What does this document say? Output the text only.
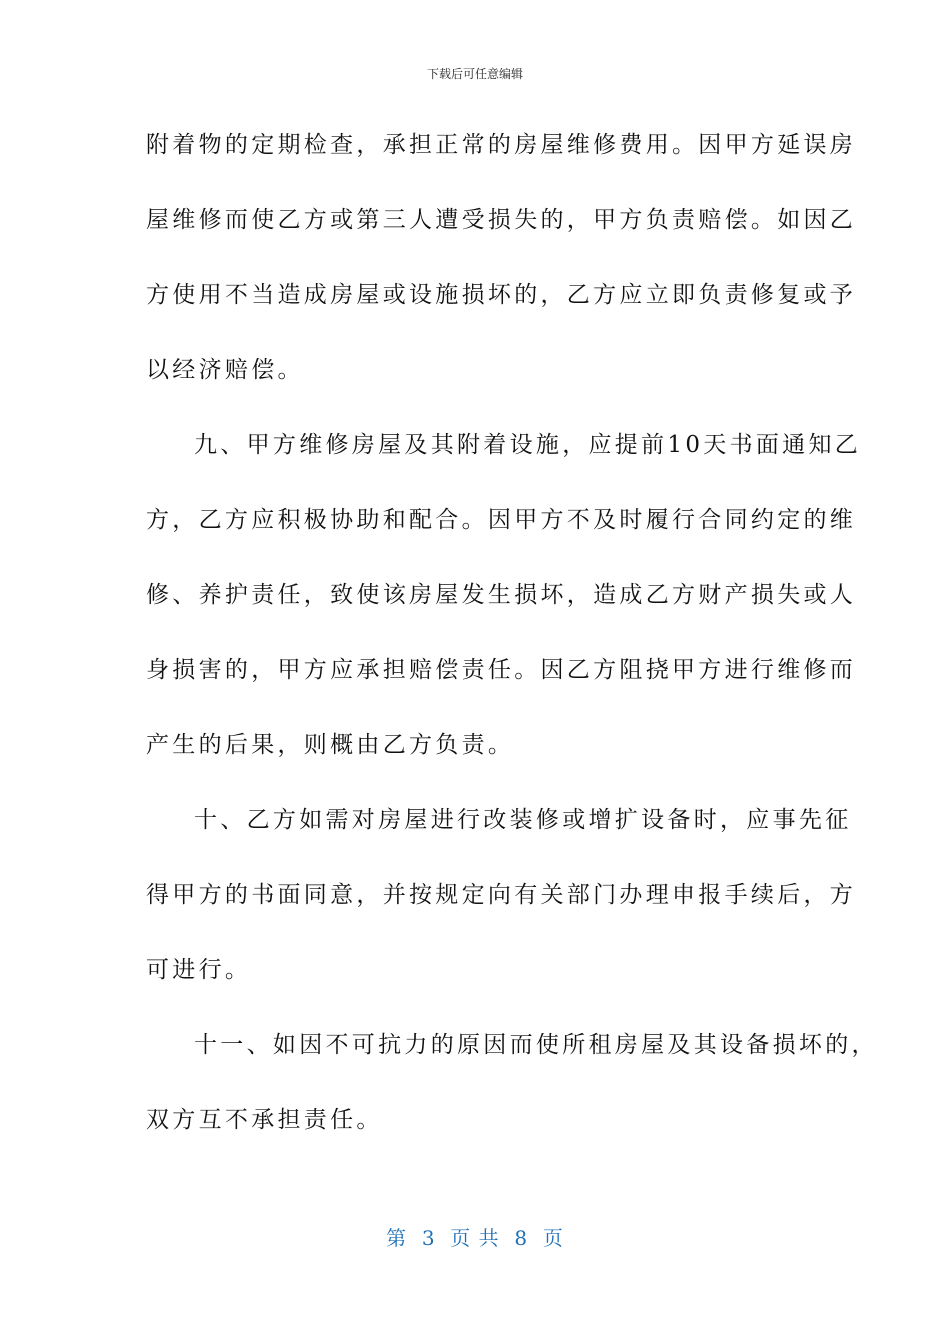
下载后可任意编辑
附着物的定期检查，承担正常的房屋维修费用。因甲方延误房
屋维修而使乙方或第三人遭受损失的，甲方负责赔偿。如因乙
方使用不当造成房屋或设施损坏的，乙方应立即负责修复或予
以经济赔偿。
九、甲方维修房屋及其附着设施，应提前10天书面通知乙
方，乙方应积极协助和配合。因甲方不及时履行合同约定的维
修、养护责任，致使该房屋发生损坏，造成乙方财产损失或人
身损害的，甲方应承担赔偿责任。因乙方阻挠甲方进行维修而
产生的后果，则概由乙方负责。
十、乙方如需对房屋进行改装修或增扩设备时，应事先征
得甲方的书面同意，并按规定向有关部门办理申报手续后，方
可进行。
十一、如因不可抗力的原因而使所租房屋及其设备损坏的，
双方互不承担责任。
第  3  页 共  8  页
